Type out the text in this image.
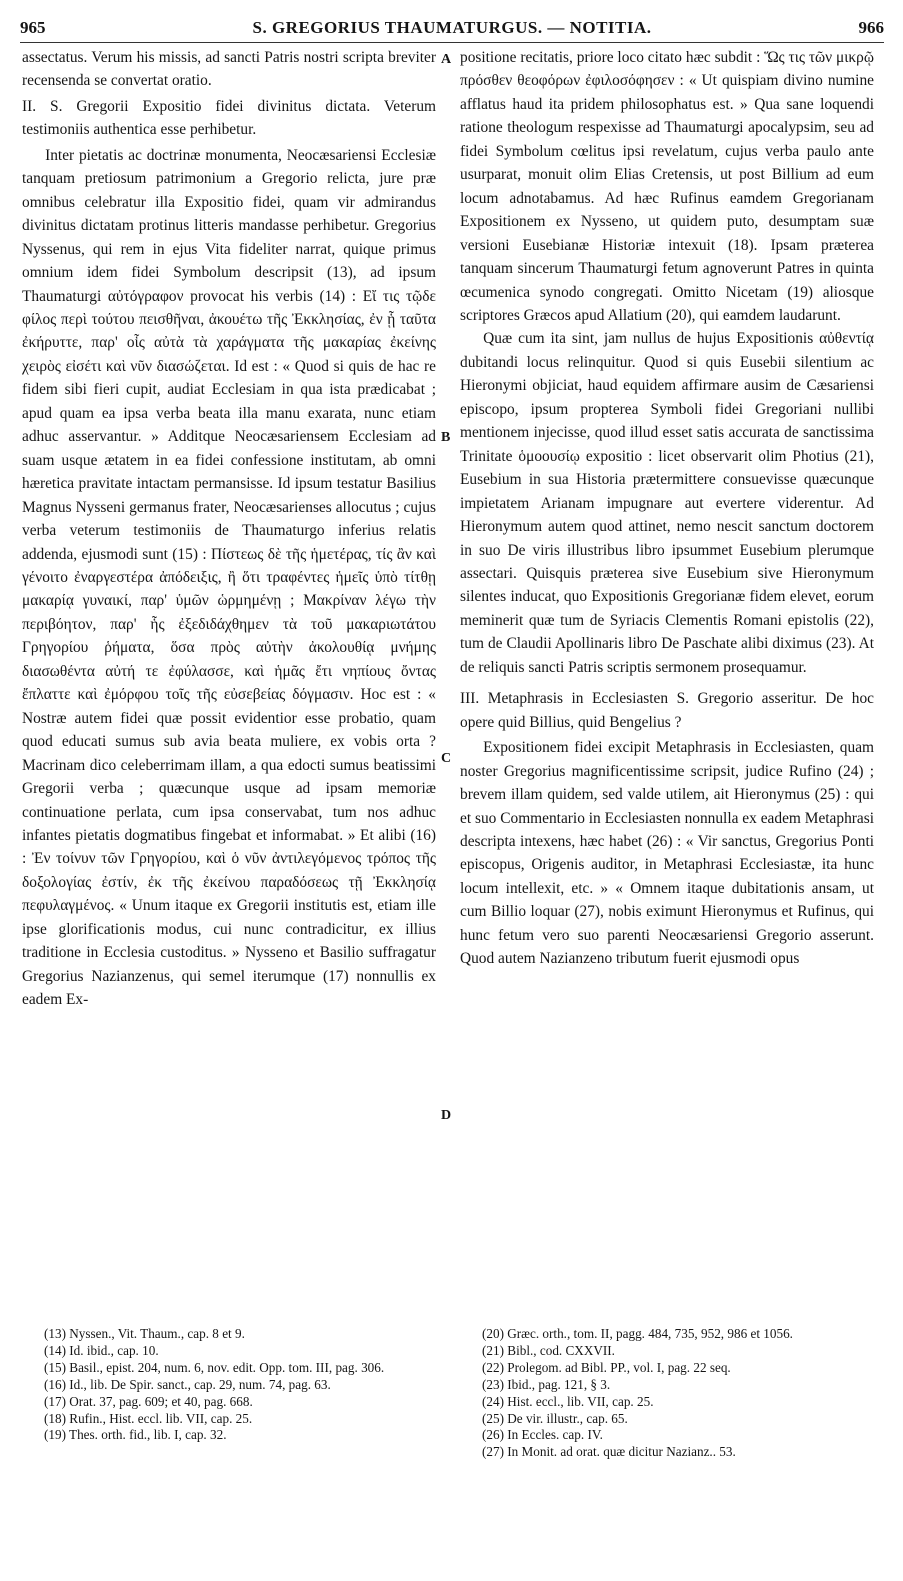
965	S. GREGORIUS THAUMATURGUS. — NOTITIA.	966
A
B
C
D

assectatus. Verum his missis, ad sancti Patris nostri scripta breviter recensenda se convertat oratio.

II. S. Gregorii Expositio fidei divinitus dictata. Veterum testimoniis authentica esse perhibetur.

Inter pietatis ac doctrinæ monumenta, Neocæsariensi Ecclesiæ tanquam pretiosum patrimonium a Gregorio relicta, jure præ omnibus celebratur illa Expositio fidei, quam vir admirandus divinitus dictatam protinus litteris mandasse perhibetur. Gregorius Nyssenus, qui rem in ejus Vita fideliter narrat, quique primus omnium idem fidei Symbolum descripsit (13), ad ipsum Thaumaturgi αὐτόγραφον provocat his verbis (14) : Εἴ τις τῷδε φίλος περὶ τούτου πεισθῆναι, ἀκουέτω τῆς Ἐκκλησίας, ἐν ᾗ ταῦτα ἐκήρυττε, παρ' οἷς αὐτὰ τὰ χαράγματα τῆς μακαρίας ἐκείνης χειρὸς εἰσέτι καὶ νῦν διασώζεται. Id est : « Quod si quis de hac re fidem sibi fieri cupit, audiat Ecclesiam in qua ista prædicabat ; apud quam ea ipsa verba beata illa manu exarata, nunc etiam adhuc asservantur. » Additque Neocæsariensem Ecclesiam ad suam usque ætatem in ea fidei confessione institutam, ab omni hæretica pravitate intactam permansisse. Id ipsum testatur Basilius Magnus Nysseni germanus frater, Neocæsarienses allocutus ; cujus verba veterum testimoniis de Thaumaturgo inferius relatis addenda, ejusmodi sunt (15) : Πίστεως δὲ τῆς ἡμετέρας, τίς ἂν καὶ γένοιτο ἐναργεστέρα ἀπόδειξις, ἢ ὅτι τραφέντες ἡμεῖς ὑπὸ τίτθῃ μακαρίᾳ γυναικί, παρ' ὑμῶν ὡρμημένῃ ; Μακρίναν λέγω τὴν περιβόητον, παρ' ἧς ἐξεδιδάχθημεν τὰ τοῦ μακαριωτάτου Γρηγορίου ῥήματα, ὅσα πρὸς αὐτὴν ἀκολουθίᾳ μνήμης διασωθέντα αὐτή τε ἐφύλασσε, καὶ ἡμᾶς ἔτι νηπίους ὄντας ἔπλαττε καὶ ἐμόρφου τοῖς τῆς εὐσεβείας δόγμασιν. Hoc est : « Nostræ autem fidei quæ possit evidentior esse probatio, quam quod educati sumus sub avia beata muliere, ex vobis orta ? Macrinam dico celeberrimam illam, a qua edocti sumus beatissimi Gregorii verba ; quæcunque usque ad ipsam memoriæ continuatione perlata, cum ipsa conservabat, tum nos adhuc infantes pietatis dogmatibus fingebat et informabat. » Et alibi (16) : Ἐν τοίνυν τῶν Γρηγορίου, καὶ ὁ νῦν ἀντιλεγόμενος τρόπος τῆς δοξολογίας ἐστίν, ἐκ τῆς ἐκείνου παραδόσεως τῇ Ἐκκλησίᾳ πεφυλαγμένος. « Unum itaque ex Gregorii institutis est, etiam ille ipse glorificationis modus, cui nunc contradicitur, ex illius traditione in Ecclesia custoditus. » Nysseno et Basilio suffragatur Gregorius Nazianzenus, qui semel iterumque (17) nonnullis ex eadem Ex-

positione recitatis, priore loco citato hæc subdit : Ὥς τις τῶν μικρῷ πρόσθεν θεοφόρων ἐφιλοσόφησεν : « Ut quispiam divino numine afflatus haud ita pridem philosophatus est. » Qua sane loquendi ratione theologum respexisse ad Thaumaturgi apocalypsim, seu ad fidei Symbolum cœlitus ipsi revelatum, cujus verba paulo ante usurparat, monuit olim Elias Cretensis, ut post Billium ad eum locum adnotabamus. Ad hæc Rufinus eamdem Gregorianam Expositionem ex Nysseno, ut quidem puto, desumptam suæ versioni Eusebianæ Historiæ intexuit (18). Ipsam præterea tanquam sincerum Thaumaturgi fetum agnoverunt Patres in quinta œcumenica synodo congregati. Omitto Nicetam (19) aliosque scriptores Græcos apud Allatium (20), qui eamdem laudarunt.

Quæ cum ita sint, jam nullus de hujus Expositionis αὐθεντίᾳ dubitandi locus relinquitur. Quod si quis Eusebii silentium ac Hieronymi objiciat, haud equidem affirmare ausim de Cæsariensi episcopo, ipsum propterea Symboli fidei Gregoriani nullibi mentionem injecisse, quod illud esset satis accurata de sanctissima Trinitate ὁμοουσίῳ expositio : licet observarit olim Photius (21), Eusebium in sua Historia prætermittere consuevisse quæcunque impietatem Arianam impugnare aut evertere viderentur. Ad Hieronymum autem quod attinet, nemo nescit sanctum doctorem in suo De viris illustribus libro ipsummet Eusebium plerumque assectari. Quisquis præterea sive Eusebium sive Hieronymum silentes inducat, quo Expositionis Gregorianæ fidem elevet, eorum meminerit quæ tum de Syriacis Clementis Romani epistolis (22), tum de Claudii Apollinaris libro De Paschate alibi diximus (23). At de reliquis sancti Patris scriptis sermonem prosequamur.

III. Metaphrasis in Ecclesiasten S. Gregorio asseritur. De hoc opere quid Billius, quid Bengelius ?

Expositionem fidei excipit Metaphrasis in Ecclesiasten, quam noster Gregorius magnificentissime scripsit, judice Rufino (24) ; brevem illam quidem, sed valde utilem, ait Hieronymus (25) : qui et suo Commentario in Ecclesiasten nonnulla ex eadem Metaphrasi descripta intexens, hæc habet (26) : « Vir sanctus, Gregorius Ponti episcopus, Origenis auditor, in Metaphrasi Ecclesiastæ, ita hunc locum intellexit, etc. » « Omnem itaque dubitationis ansam, ut cum Billio loquar (27), nobis eximunt Hieronymus et Rufinus, qui hunc fetum vero suo parenti Neocæsariensi Gregorio asserunt. Quod autem Nazianzeno tributum fuerit ejusmodi opus

(13) Nyssen., Vit. Thaum., cap. 8 et 9.

(14) Id. ibid., cap. 10.

(15) Basil., epist. 204, num. 6, nov. edit. Opp. tom. III, pag. 306.

(16) Id., lib. De Spir. sanct., cap. 29, num. 74, pag. 63.

(17) Orat. 37, pag. 609; et 40, pag. 668.

(18) Rufin., Hist. eccl. lib. VII, cap. 25.

(19) Thes. orth. fid., lib. I, cap. 32.

(20) Græc. orth., tom. II, pagg. 484, 735, 952, 986 et 1056.

(21) Bibl., cod. CXXVII.

(22) Prolegom. ad Bibl. PP., vol. I, pag. 22 seq.

(23) Ibid., pag. 121, § 3.

(24) Hist. eccl., lib. VII, cap. 25.

(25) De vir. illustr., cap. 65.

(26) In Eccles. cap. IV.

(27) In Monit. ad orat. quæ dicitur Nazianz.. 53.
